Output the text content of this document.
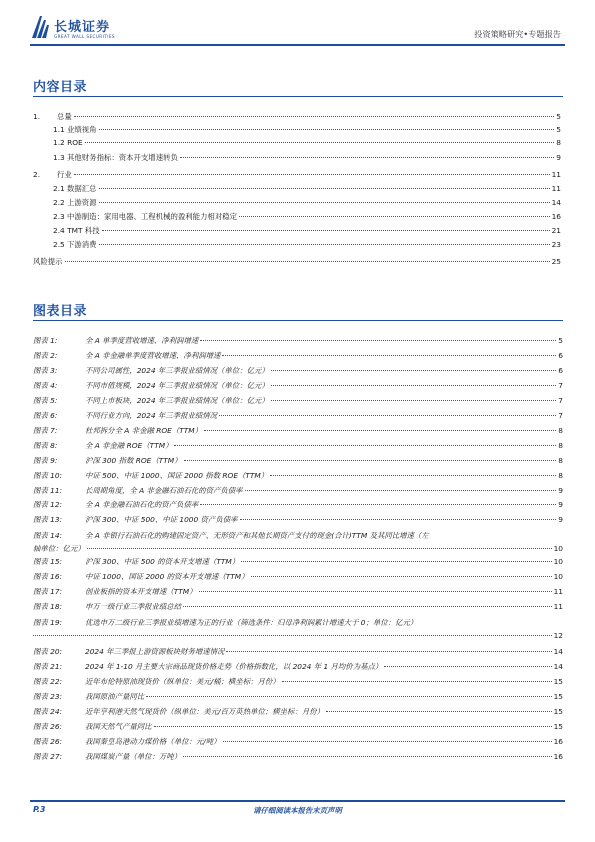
长城证券
GREAT WALL SECURITIES	投资策略研究•专题报告
内容目录
1.	总量	5
1.1 业绩视角	5
1.2 ROE	8
1.3 其他财务指标：资本开支增速转负	9
2.	行业	11
2.1 数据汇总	11
2.2 上游资源	14
2.3 中游制造：家用电器、工程机械的盈利能力相对稳定	16
2.4 TMT 科技	21
2.5 下游消费	23
风险提示	25
图表目录
图表 1:	全 A 单季度营收增速、净利润增速	5
图表 2:	全 A 非金融单季度营收增速、净利润增速	6
图表 3:	不同公司属性，2024 年三季报业绩情况（单位：亿元）	6
图表 4:	不同市值规模，2024 年三季报业绩情况（单位：亿元）	7
图表 5:	不同上市板块，2024 年三季报业绩情况（单位：亿元）	7
图表 6:	不同行业方向，2024 年三季报业绩情况	7
图表 7:	杜邦拆分全 A 非金融 ROE（TTM）	8
图表 8:	全 A 非金融 ROE（TTM）	8
图表 9:	沪深 300 指数 ROE（TTM）	8
图表 10:	中证 500、中证 1000、国证 2000 指数 ROE（TTM）	8
图表 11:	长周期角度，全 A 非金融石油石化的资产负债率	9
图表 12:	全 A 非金融石油石化的资产负债率	9
图表 13:	沪深 300、中证 500、中证 1000 资产负债率	9
图表 14:	全 A 非银行石油石化的购建固定资产、无形资产和其他长期资产支付的现金(合计)TTM 及其同比增速（左
轴单位：亿元）	10
图表 15:	沪深 300、中证 500 的资本开支增速（TTM）	10
图表 16:	中证 1000、国证 2000 的资本开支增速（TTM）	10
图表 17:	创业板指的资本开支增速（TTM）	11
图表 18:	申万一级行业三季报业绩总结	11
图表 19:	优选申万二级行业三季报业绩增速为正的行业（筛选条件：归母净利润累计增速大于 0；单位：亿元）
12
图表 20:	2024 年三季报上游资源板块财务增速情况	14
图表 21:	2024 年 1-10 月主要大宗商品现货价格走势（价格指数化，以 2024 年 1 月均价为基点）	14
图表 22:	近年布伦特原油现货价（纵单位：美元/桶；横坐标：月份）	15
图表 23:	我国原油产量同比	15
图表 24:	近年亨利港天然气现货价（纵单位：美元/百万英热单位；横坐标：月份）	15
图表 26:	我国天然气产量同比	15
图表 26:	我国秦皇岛港动力煤价格（单位：元/吨）	16
图表 27:	我国煤炭产量（单位：万吨）	16
P.3	请仔细阅读本报告末页声明
